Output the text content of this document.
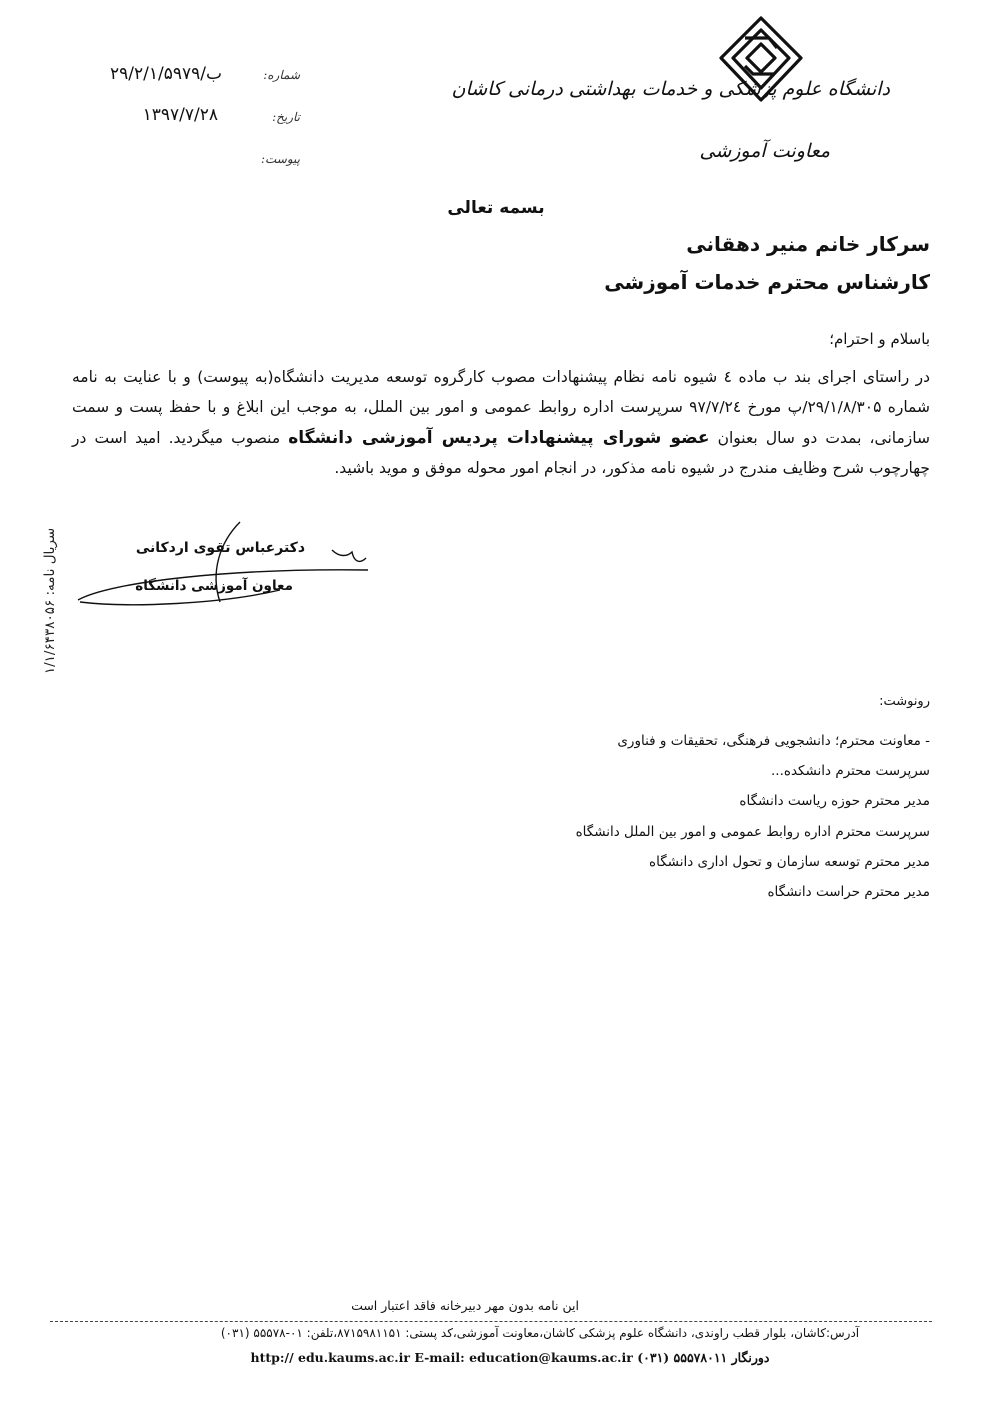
دانشگاه علوم پزشکی و خدمات بهداشتی درمانی کاشان
معاونت آموزشی
شماره:
ب/۲۹/۲/۱/۵۹۷۹
تاریخ:
۱۳۹۷/۷/۲۸
پیوست:
بسمه تعالی
سرکار خانم منیر دهقانی
کارشناس محترم خدمات آموزشی
باسلام و احترام؛
در راستای اجرای بند ب ماده ٤ شیوه نامه نظام پیشنهادات مصوب کارگروه توسعه مدیریت دانشگاه(به پیوست) و با عنایت به نامه شماره ۲۹/۱/۸/۳۰۵/پ مورخ ۹۷/۷/۲٤ سرپرست اداره روابط عمومی و امور بین الملل، به موجب این ابلاغ و با حفظ پست و سمت سازمانی، بمدت دو سال بعنوان عضو شورای پیشنهادات پردیس آموزشی دانشگاه منصوب میگردید. امید است در چهارچوب شرح وظایف مندرج در شیوه نامه مذکور، در انجام امور محوله موفق و موید باشید.
دکترعباس تقوی اردکانی
معاون آموزشی دانشگاه
سریال نامه: ۱/۱/۶۴۳۸۰۵۶
رونوشت:
- معاونت محترم؛ دانشجویی فرهنگی، تحقیقات و فناوری
سرپرست محترم دانشکده...
مدیر محترم حوزه ریاست دانشگاه
سرپرست محترم اداره روابط عمومی و امور بین الملل دانشگاه
مدیر محترم توسعه سازمان و تحول اداری دانشگاه
مدیر محترم حراست دانشگاه
این نامه بدون مهر دبیرخانه فاقد اعتبار است
آدرس:کاشان، بلوار قطب راوندی، دانشگاه علوم پزشکی کاشان،معاونت آموزشی،کد پستی: ۸۷۱۵۹۸۱۱۵۱،تلفن: ۰۱-۵۵۵۷۸ (۰۳۱)
http:// edu.kaums.ac.ir E-mail: education@kaums.ac.ir (۰۳۱) ۵۵۵۷۸۰۱۱ دورنگار
